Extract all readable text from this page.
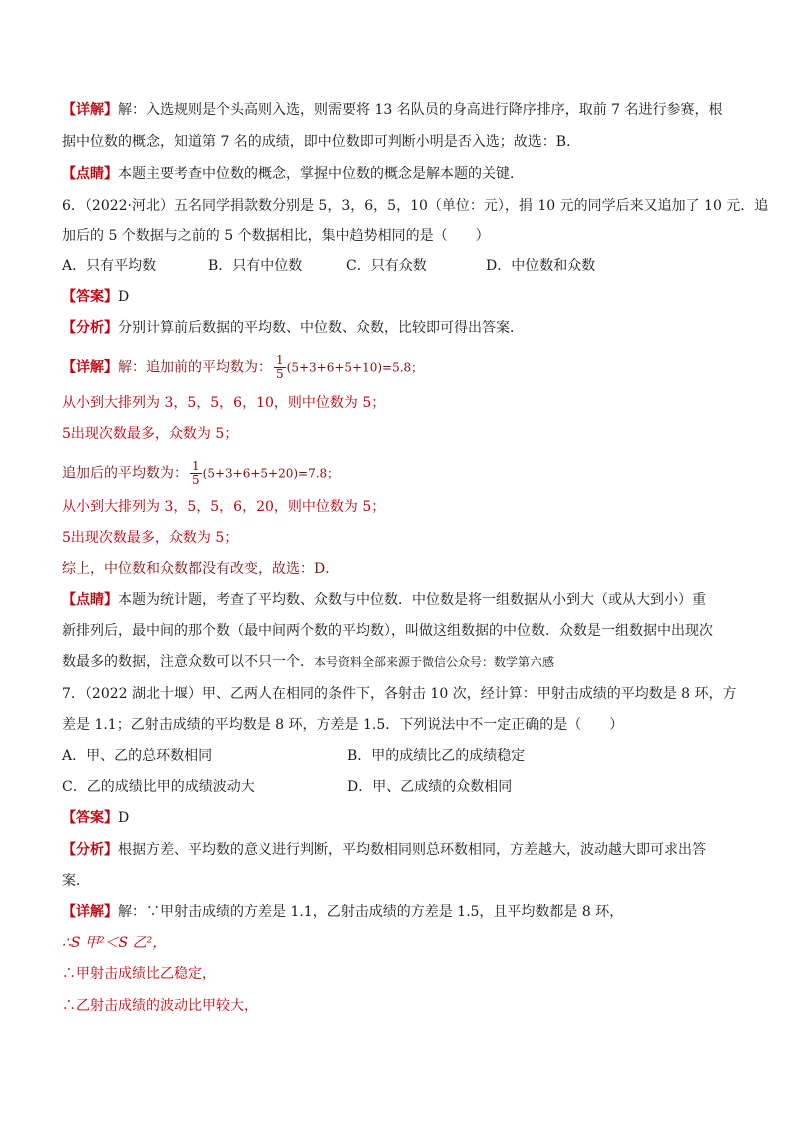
【详解】解：入选规则是个头高则入选，则需要将 13 名队员的身高进行降序排序，取前 7 名进行参赛，根
据中位数的概念，知道第 7 名的成绩，即中位数即可判断小明是否入选；故选：B．
【点睛】本题主要考查中位数的概念，掌握中位数的概念是解本题的关键．
6．（2022·河北）五名同学捐款数分别是 5，3，6，5，10（单位：元），捐 10 元的同学后来又追加了 10 元．追
加后的 5 个数据与之前的 5 个数据相比，集中趋势相同的是（　　）
A．只有平均数	B．只有中位数	C．只有众数	D．中位数和众数
【答案】D
【分析】分别计算前后数据的平均数、中位数、众数，比较即可得出答案．
【详解】解：追加前的平均数为： $\frac{1}{5} (5+3+6+5+10)=5.8$；
从小到大排列为 3，5，5，6，10，则中位数为 5；
5出现次数最多，众数为 5；
追加后的平均数为： $\frac{1}{5} (5+3+6+5+20)=7.8$；
从小到大排列为 3，5，5，6，20，则中位数为 5；
5出现次数最多，众数为 5；
综上，中位数和众数都没有改变，故选：D．
【点睛】本题为统计题，考查了平均数、众数与中位数．中位数是将一组数据从小到大（或从大到小）重
新排列后，最中间的那个数（最中间两个数的平均数），叫做这组数据的中位数．众数是一组数据中出现次
数最多的数据，注意众数可以不只一个．本号资料全部来源于微信公众号：数学第六感
7．（2022 湖北十堰）甲、乙两人在相同的条件下，各射击 10 次，经计算：甲射击成绩的平均数是 8 环，方
差是 1.1；乙射击成绩的平均数是 8 环，方差是 1.5．下列说法中不一定正确的是（　　）
A．甲、乙的总环数相同	B．甲的成绩比乙的成绩稳定
C．乙的成绩比甲的成绩波动大	D．甲、乙成绩的众数相同
【答案】D
【分析】根据方差、平均数的意义进行判断，平均数相同则总环数相同，方差越大，波动越大即可求出答
案．
【详解】解：∵甲射击成绩的方差是 1.1，乙射击成绩的方差是 1.5，且平均数都是 8 环，
∴S 甲²＜S 乙²，
∴甲射击成绩比乙稳定，
∴乙射击成绩的波动比甲较大，
